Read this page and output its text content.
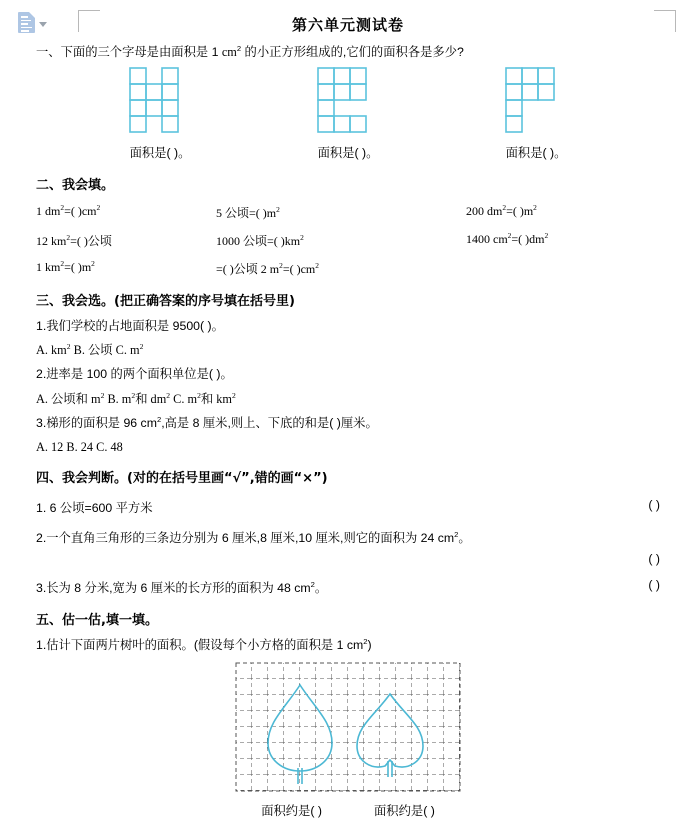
第六单元测试卷
一、下面的三个字母是由面积是 1 $cm^2$ 的小正方形组成的,它们的面积各是多少?
面积是( )。	面积是( )。	面积是( )。
二、我会填。
1 $dm^2=$( )$cm^2$	5 公顷=( )$m^2$	200 $dm^2=$( )$m^2$
12 $km^2=$( )公顷	1000 公顷=( )$km^2$	1400 $cm^2=$( )$dm^2$
1 $km^2=$( )$m^2$	=( )公顷 2 $m^2=$( )$cm^2$
三、我会选。(把正确答案的序号填在括号里)
1.我们学校的占地面积是 9500( )。
A. $km^2$ B. 公顷 C. $m^2$
2.进率是 100 的两个面积单位是( )。
A. 公顷和 $m^2$ B. $m^2$和 $dm^2$ C. $m^2$和 $km^2$
3.梯形的面积是 96 $cm^2$,高是 8 厘米,则上、下底的和是( )厘米。
A. 12 B. 24 C. 48
四、我会判断。(对的在括号里画“√”,错的画“×”)
1. 6 公顷=600 平方米	( )
2.一个直角三角形的三条边分别为 6 厘米,8 厘米,10 厘米,则它的面积为 24 $cm^2$。
( )
3.长为 8 分米,宽为 6 厘米的长方形的面积为 48 $cm^2$。	( )
五、估一估,填一填。
1.估计下面两片树叶的面积。(假设每个小方格的面积是 1 $cm^2$)
面积约是( )	面积约是( )
